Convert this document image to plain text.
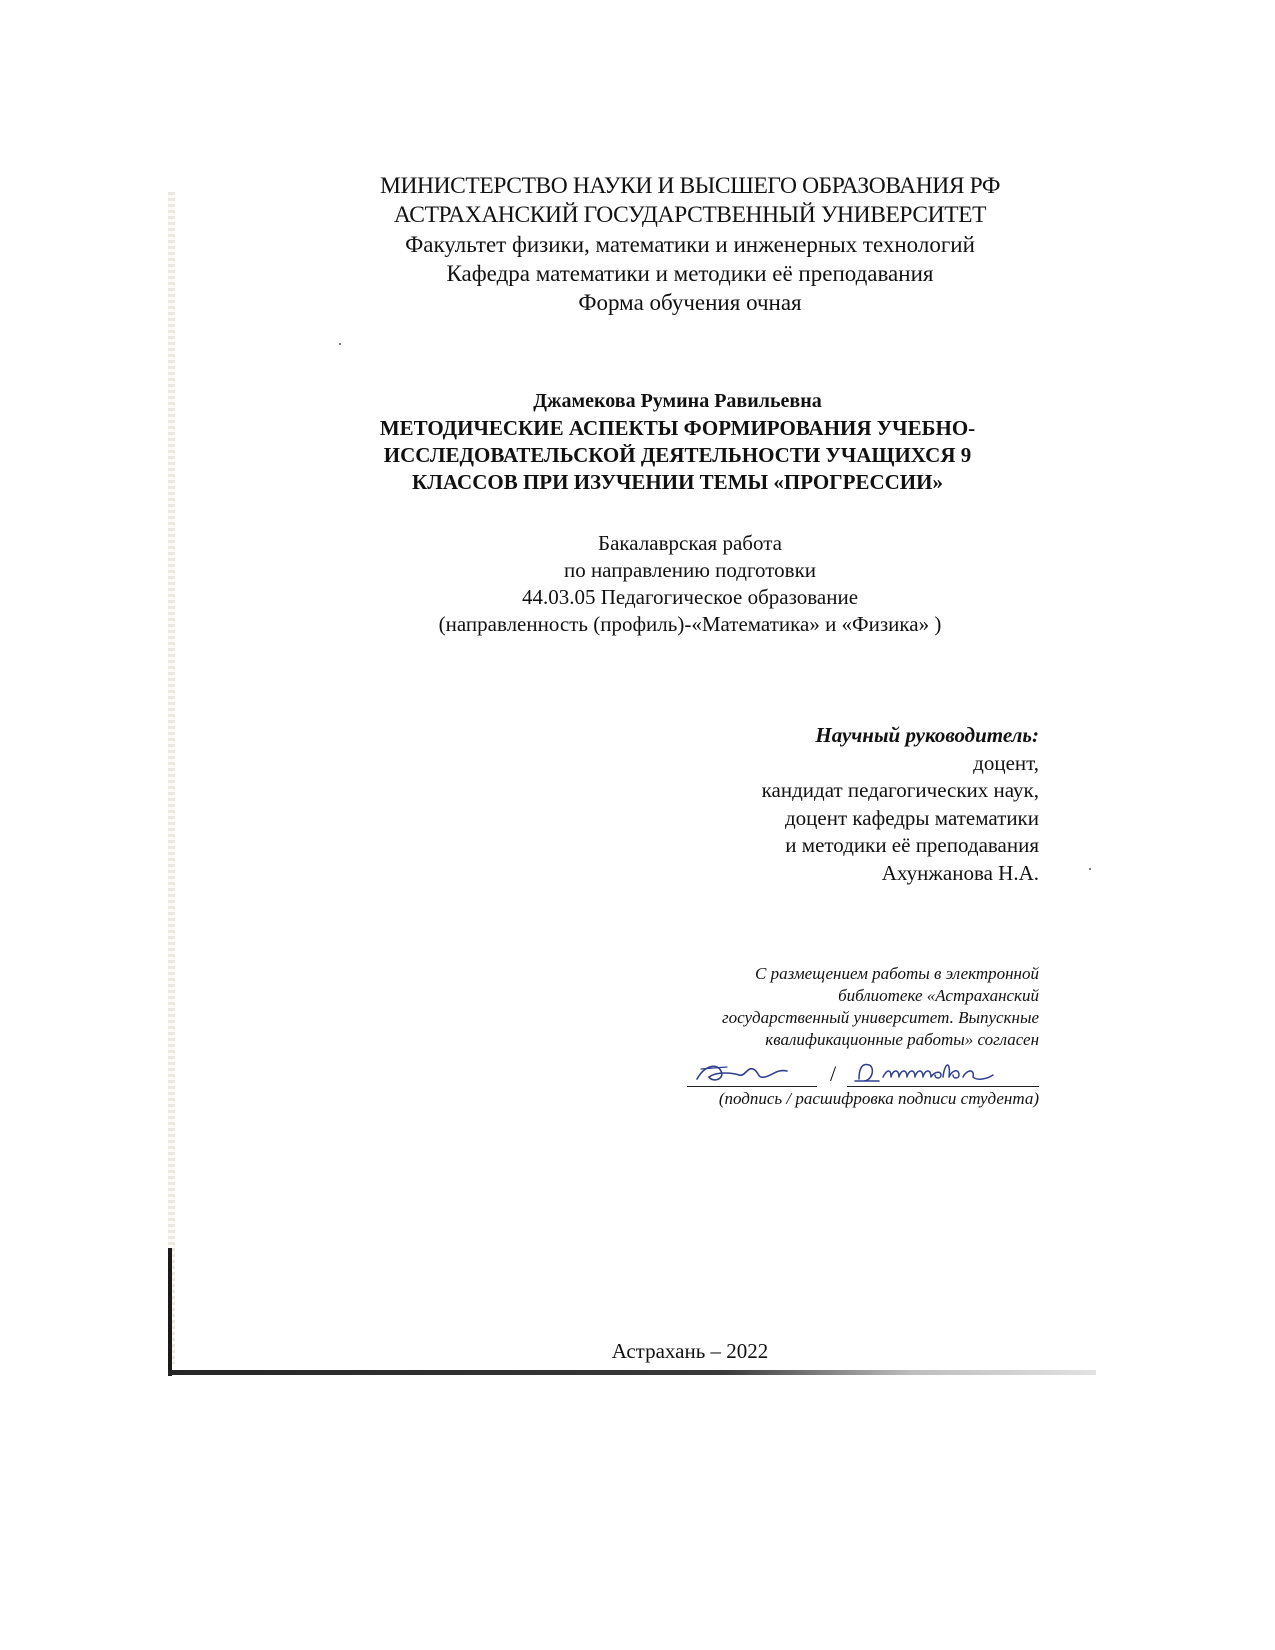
МИНИСТЕРСТВО НАУКИ И ВЫСШЕГО ОБРАЗОВАНИЯ РФ
АСТРАХАНСКИЙ ГОСУДАРСТВЕННЫЙ УНИВЕРСИТЕТ
Факультет физики, математики и инженерных технологий
Кафедра математики и методики её преподавания
Форма обучения очная
Джамекова Румина Равильевна
МЕТОДИЧЕСКИЕ АСПЕКТЫ ФОРМИРОВАНИЯ УЧЕБНО-
ИССЛЕДОВАТЕЛЬСКОЙ ДЕЯТЕЛЬНОСТИ УЧАЩИХСЯ 9
КЛАССОВ ПРИ ИЗУЧЕНИИ ТЕМЫ «ПРОГРЕССИИ»
Бакалаврская работа
по направлению подготовки
44.03.05 Педагогическое образование
(направленность (профиль)-«Математика» и «Физика» )
Научный руководитель:
доцент,
кандидат педагогических наук,
доцент кафедры математики
и методики её преподавания
Ахунжанова Н.А.
С размещением работы в электронной
библиотеке «Астраханский
государственный университет. Выпускные
квалификационные работы» согласен
/
(подпись / расшифровка подписи студента)
Астрахань – 2022
